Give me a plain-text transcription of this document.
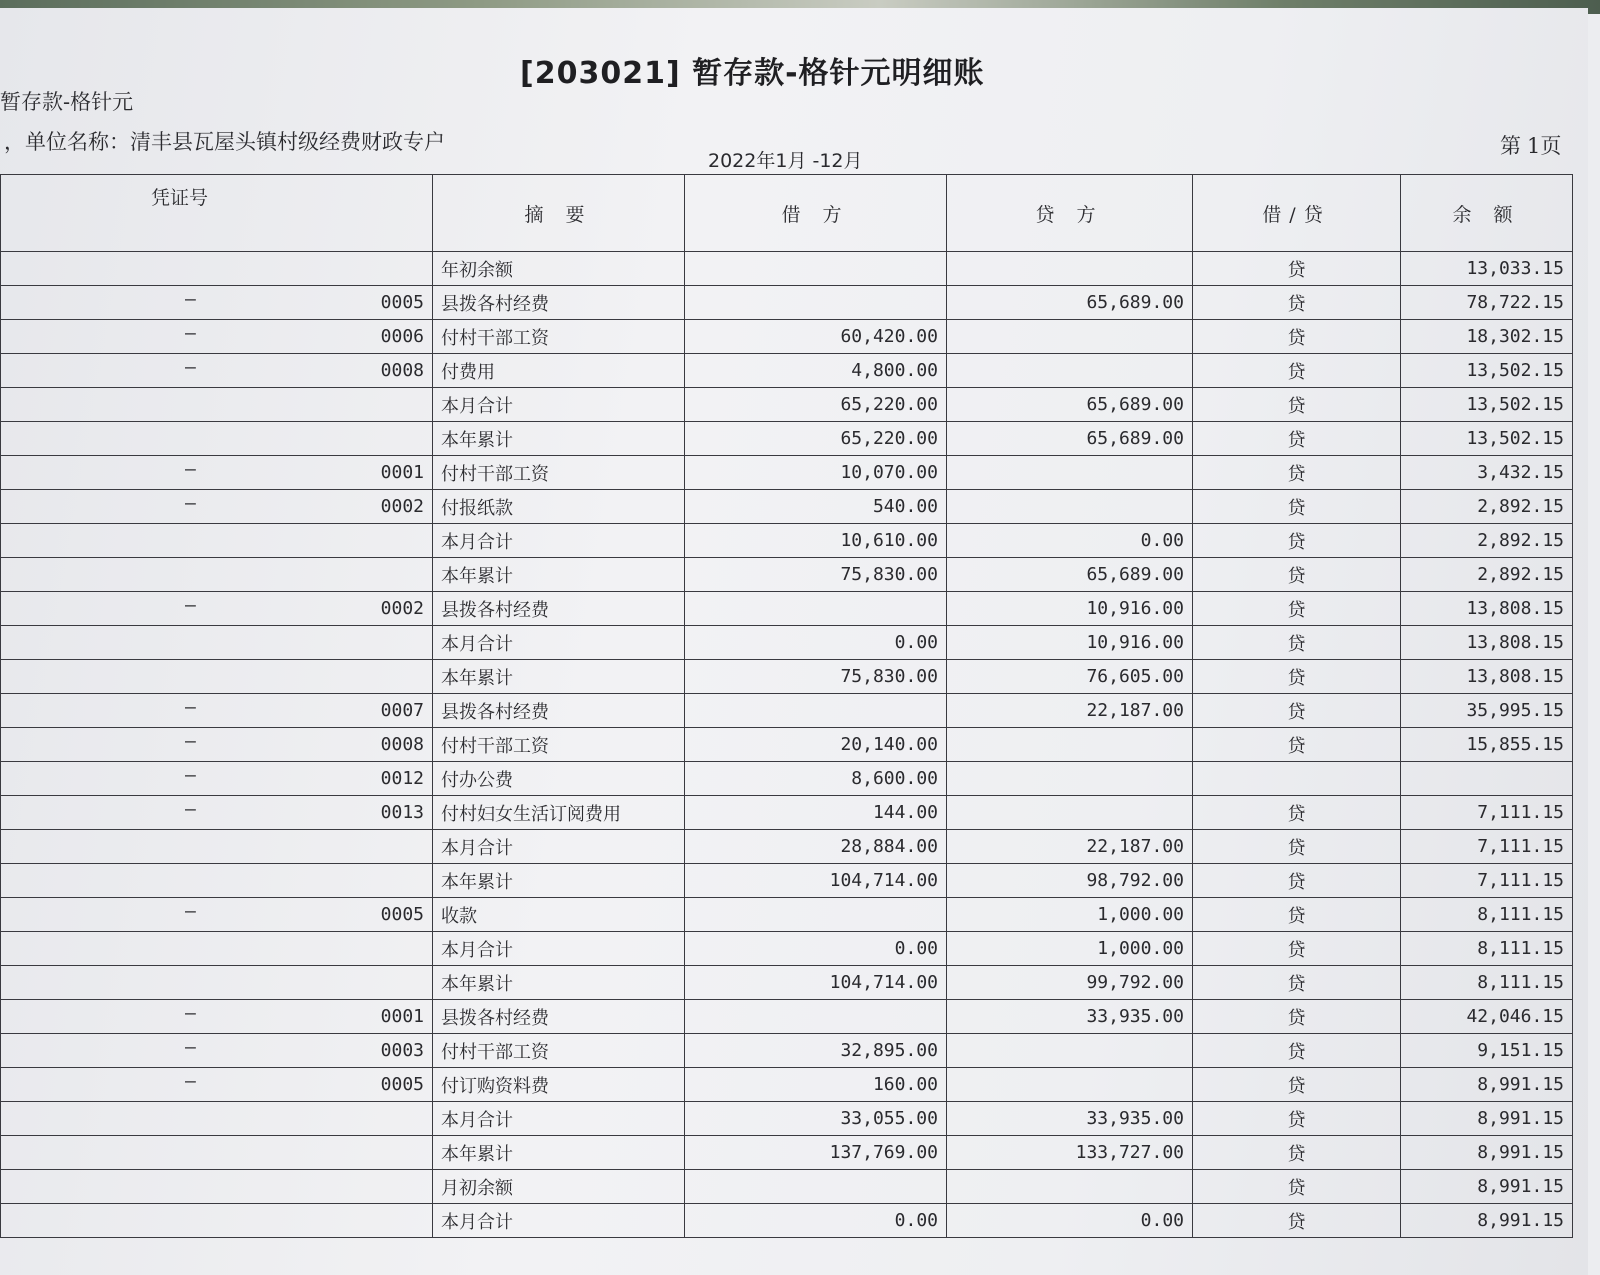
[203021] 暂存款-格针元明细账
暂存款-格针元
，单位名称：清丰县瓦屋头镇村级经费财政专户
2022年1月 -12月
第 1页
凭证号	摘 要	借 方	贷 方	借/贷	余 额

	年初余额			贷	13,033.15

– 0005	县拨各村经费		65,689.00	贷	78,722.15

– 0006	付村干部工资	60,420.00		贷	18,302.15

– 0008	付费用	4,800.00		贷	13,502.15

	本月合计	65,220.00	65,689.00	贷	13,502.15

	本年累计	65,220.00	65,689.00	贷	13,502.15

– 0001	付村干部工资	10,070.00		贷	3,432.15

– 0002	付报纸款	540.00		贷	2,892.15

	本月合计	10,610.00	0.00	贷	2,892.15

	本年累计	75,830.00	65,689.00	贷	2,892.15

– 0002	县拨各村经费		10,916.00	贷	13,808.15

	本月合计	0.00	10,916.00	贷	13,808.15

	本年累计	75,830.00	76,605.00	贷	13,808.15

– 0007	县拨各村经费		22,187.00	贷	35,995.15

– 0008	付村干部工资	20,140.00		贷	15,855.15

– 0012	付办公费	8,600.00			

– 0013	付村妇女生活订阅费用	144.00		贷	7,111.15

	本月合计	28,884.00	22,187.00	贷	7,111.15

	本年累计	104,714.00	98,792.00	贷	7,111.15

– 0005	收款		1,000.00	贷	8,111.15

	本月合计	0.00	1,000.00	贷	8,111.15

	本年累计	104,714.00	99,792.00	贷	8,111.15

– 0001	县拨各村经费		33,935.00	贷	42,046.15

– 0003	付村干部工资	32,895.00		贷	9,151.15

– 0005	付订购资料费	160.00		贷	8,991.15

	本月合计	33,055.00	33,935.00	贷	8,991.15

	本年累计	137,769.00	133,727.00	贷	8,991.15

	月初余额			贷	8,991.15

	本月合计	0.00	0.00	贷	8,991.15
